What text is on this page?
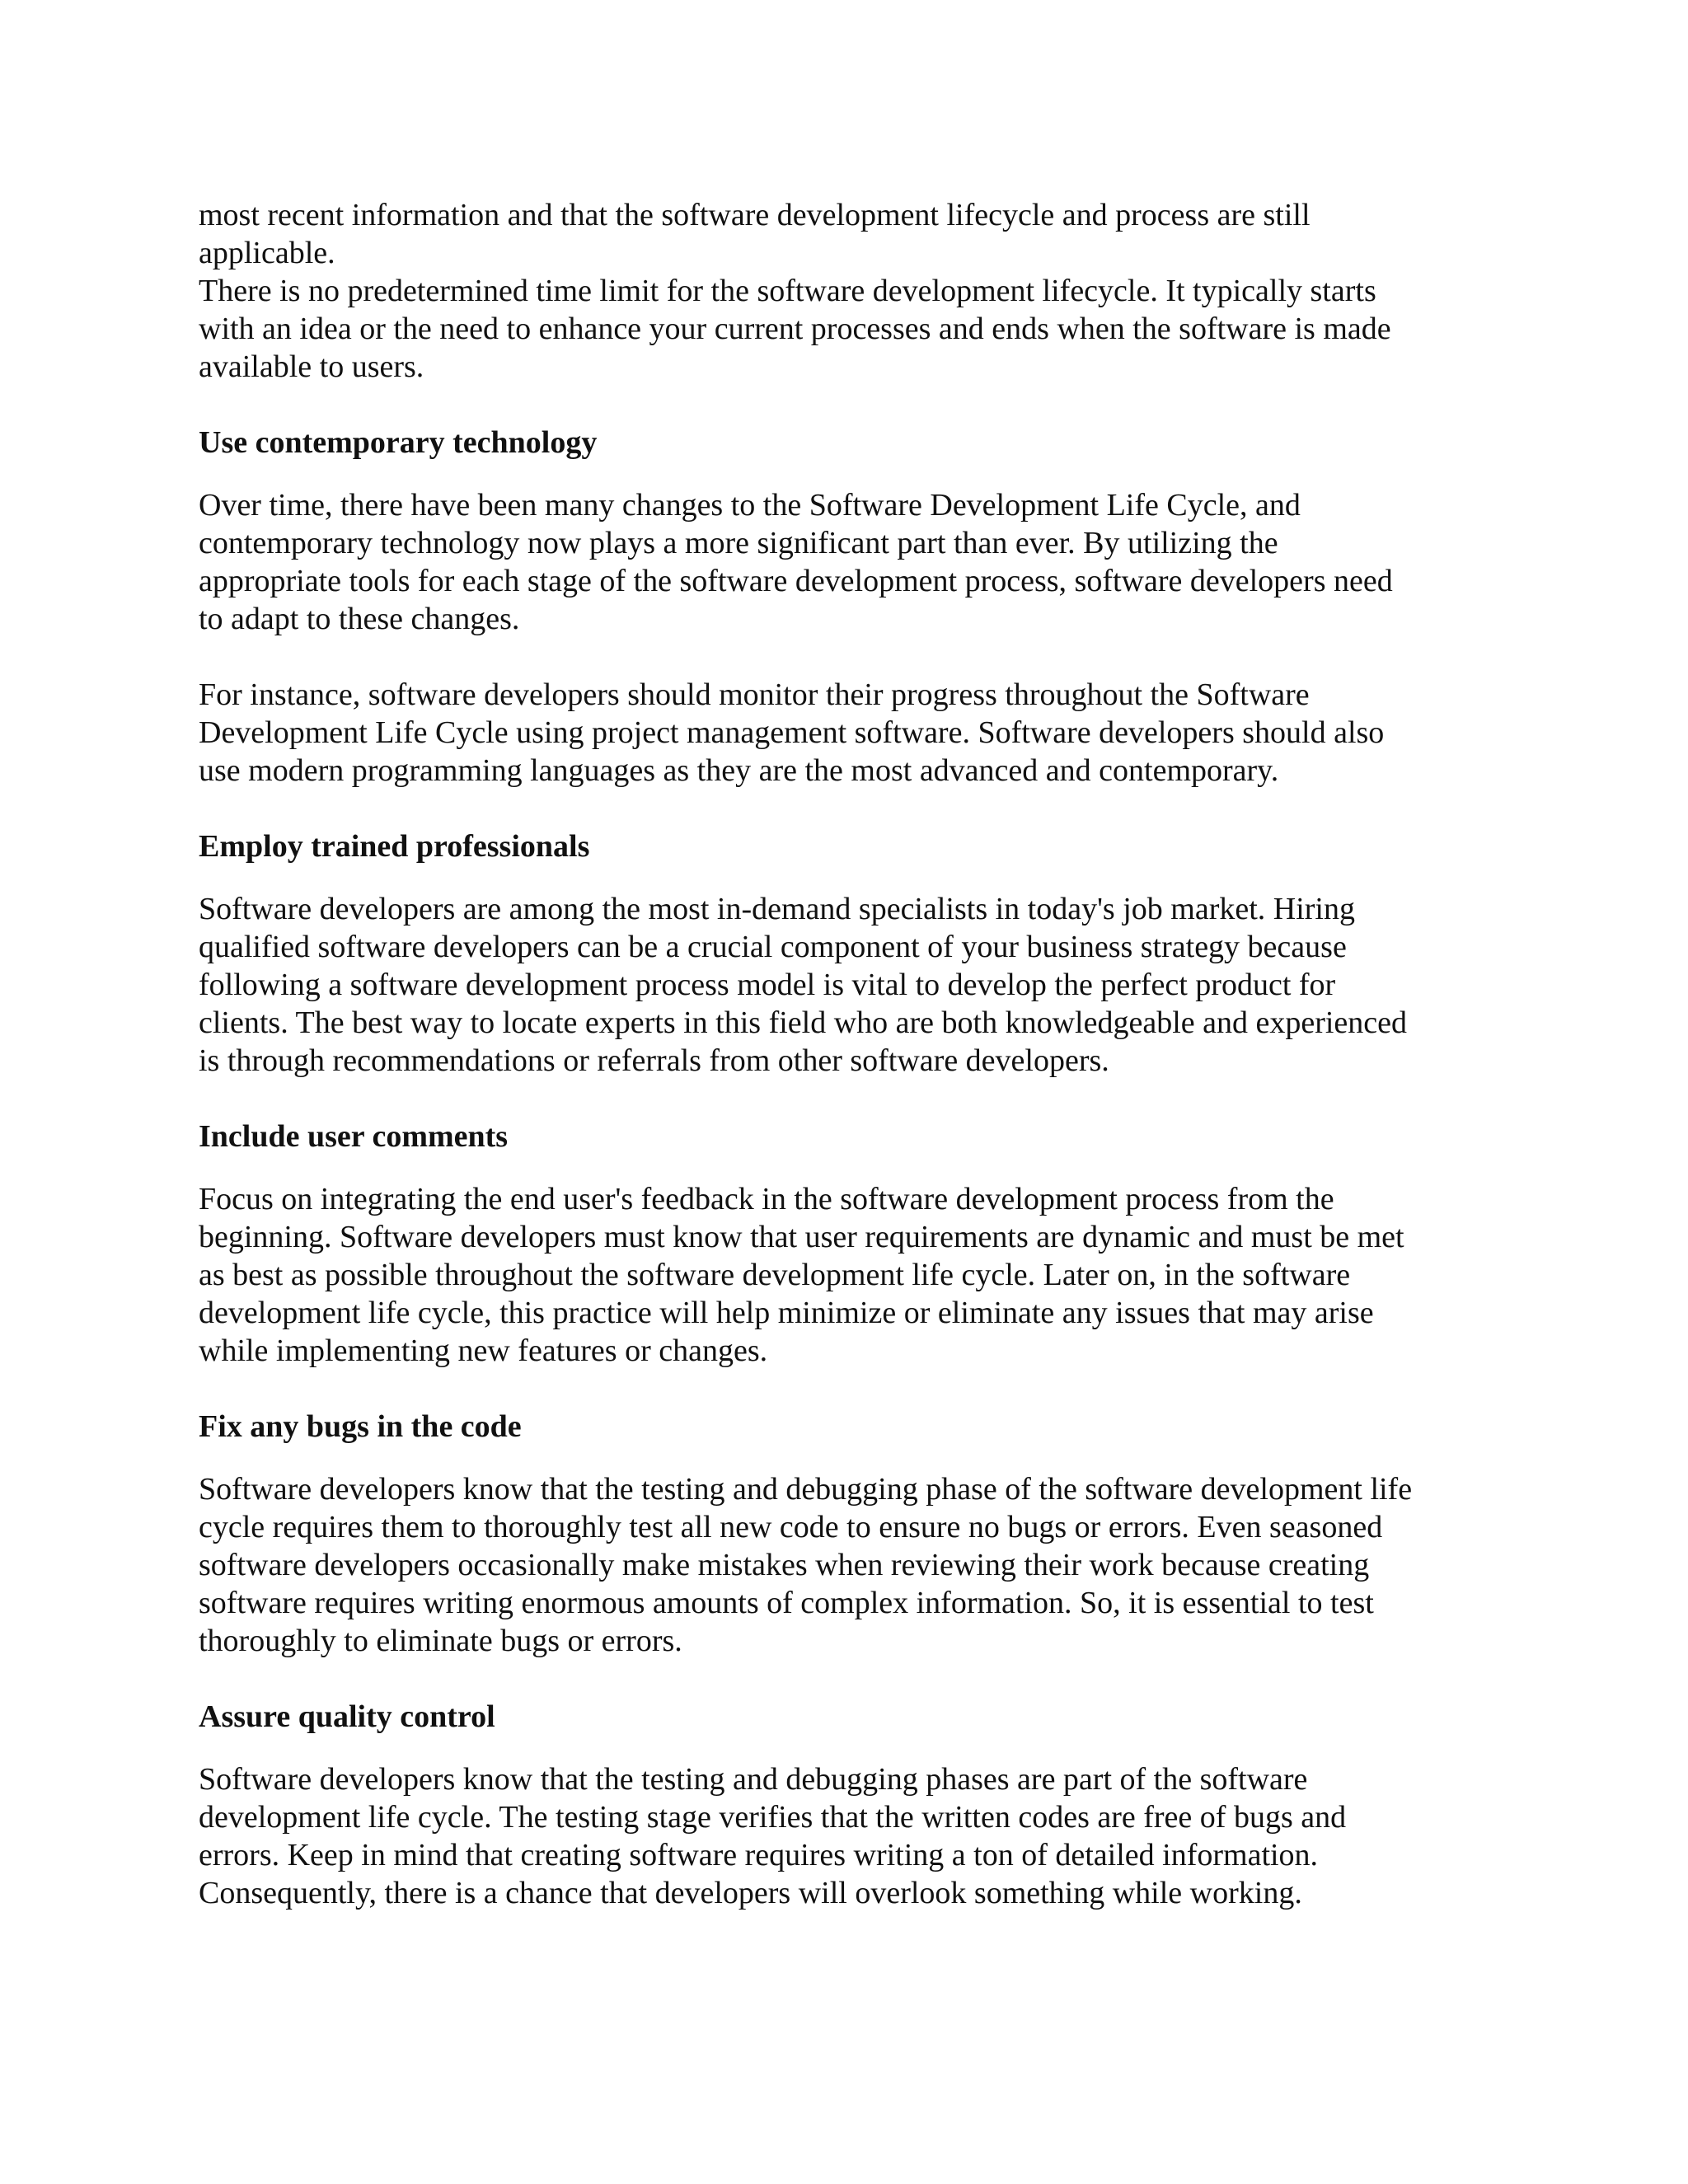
most recent information and that the software development lifecycle and process are still
applicable.

There is no predetermined time limit for the software development lifecycle. It typically starts
with an idea or the need to enhance your current processes and ends when the software is made
available to users.

Use contemporary technology

Over time, there have been many changes to the Software Development Life Cycle, and
contemporary technology now plays a more significant part than ever. By utilizing the
appropriate tools for each stage of the software development process, software developers need
to adapt to these changes.

For instance, software developers should monitor their progress throughout the Software
Development Life Cycle using project management software. Software developers should also
use modern programming languages as they are the most advanced and contemporary.

Employ trained professionals

Software developers are among the most in-demand specialists in today's job market. Hiring
qualified software developers can be a crucial component of your business strategy because
following a software development process model is vital to develop the perfect product for
clients. The best way to locate experts in this field who are both knowledgeable and experienced
is through recommendations or referrals from other software developers.

Include user comments

Focus on integrating the end user's feedback in the software development process from the
beginning. Software developers must know that user requirements are dynamic and must be met
as best as possible throughout the software development life cycle. Later on, in the software
development life cycle, this practice will help minimize or eliminate any issues that may arise
while implementing new features or changes.

Fix any bugs in the code

Software developers know that the testing and debugging phase of the software development life
cycle requires them to thoroughly test all new code to ensure no bugs or errors. Even seasoned
software developers occasionally make mistakes when reviewing their work because creating
software requires writing enormous amounts of complex information. So, it is essential to test
thoroughly to eliminate bugs or errors.

Assure quality control

Software developers know that the testing and debugging phases are part of the software
development life cycle. The testing stage verifies that the written codes are free of bugs and
errors. Keep in mind that creating software requires writing a ton of detailed information.
Consequently, there is a chance that developers will overlook something while working.
